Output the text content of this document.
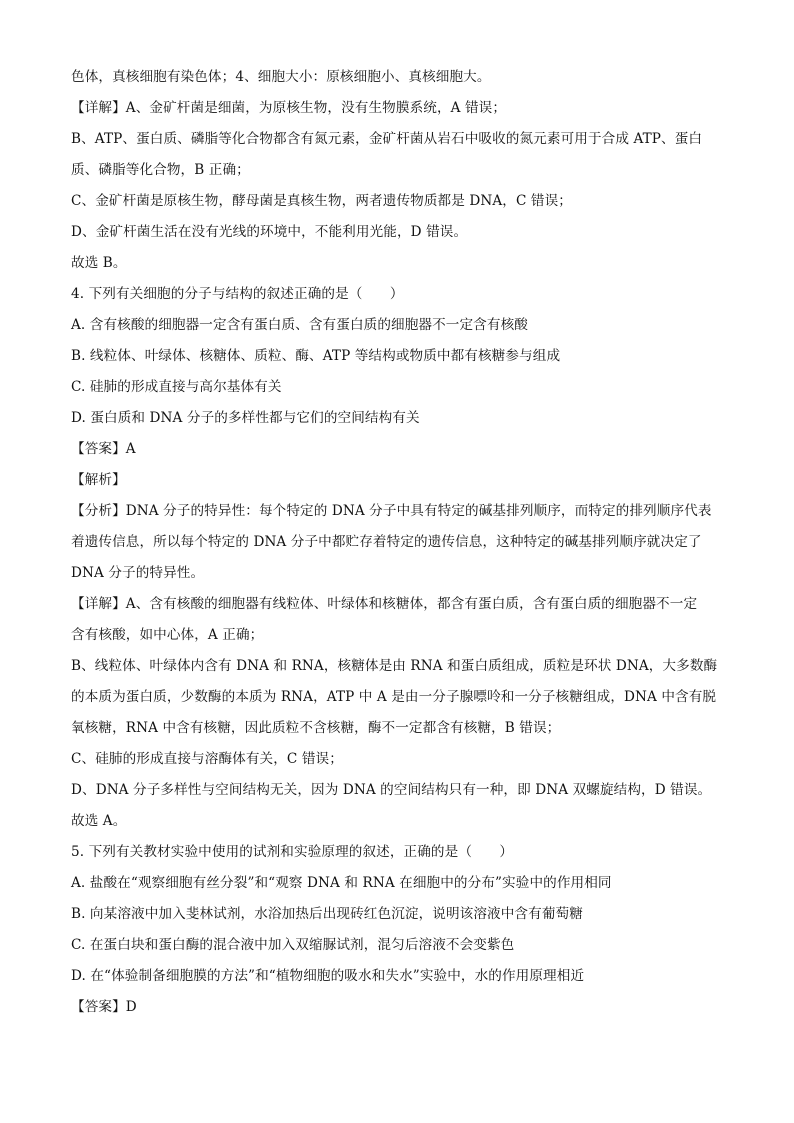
色体，真核细胞有染色体；4、细胞大小：原核细胞小、真核细胞大。
【详解】A、金矿杆菌是细菌，为原核生物，没有生物膜系统，A 错误；
B、ATP、蛋白质、磷脂等化合物都含有氮元素，金矿杆菌从岩石中吸收的氮元素可用于合成 ATP、蛋白
质、磷脂等化合物，B 正确；
C、金矿杆菌是原核生物，酵母菌是真核生物，两者遗传物质都是 DNA，C 错误；
D、金矿杆菌生活在没有光线的环境中，不能利用光能，D 错误。
故选 B。
4. 下列有关细胞的分子与结构的叙述正确的是（　　）
A. 含有核酸的细胞器一定含有蛋白质、含有蛋白质的细胞器不一定含有核酸
B. 线粒体、叶绿体、核糖体、质粒、酶、ATP 等结构或物质中都有核糖参与组成
C. 硅肺的形成直接与高尔基体有关
D. 蛋白质和 DNA 分子的多样性都与它们的空间结构有关
【答案】A
【解析】
【分析】DNA 分子的特异性：每个特定的 DNA 分子中具有特定的碱基排列顺序，而特定的排列顺序代表
着遗传信息，所以每个特定的 DNA 分子中都贮存着特定的遗传信息，这种特定的碱基排列顺序就决定了
DNA 分子的特异性。
【详解】A、含有核酸的细胞器有线粒体、叶绿体和核糖体，都含有蛋白质，含有蛋白质的细胞器不一定
含有核酸，如中心体，A 正确；
B、线粒体、叶绿体内含有 DNA 和 RNA，核糖体是由 RNA 和蛋白质组成，质粒是环状 DNA，大多数酶
的本质为蛋白质，少数酶的本质为 RNA，ATP 中 A 是由一分子腺嘌呤和一分子核糖组成，DNA 中含有脱
氧核糖，RNA 中含有核糖，因此质粒不含核糖，酶不一定都含有核糖，B 错误；
C、硅肺的形成直接与溶酶体有关，C 错误；
D、DNA 分子多样性与空间结构无关，因为 DNA 的空间结构只有一种，即 DNA 双螺旋结构，D 错误。
故选 A。
5. 下列有关教材实验中使用的试剂和实验原理的叙述，正确的是（　　）
A. 盐酸在“观察细胞有丝分裂”和“观察 DNA 和 RNA 在细胞中的分布”实验中的作用相同
B. 向某溶液中加入斐林试剂，水浴加热后出现砖红色沉淀，说明该溶液中含有葡萄糖
C. 在蛋白块和蛋白酶的混合液中加入双缩脲试剂，混匀后溶液不会变紫色
D. 在“体验制备细胞膜的方法”和“植物细胞的吸水和失水”实验中，水的作用原理相近
【答案】D
